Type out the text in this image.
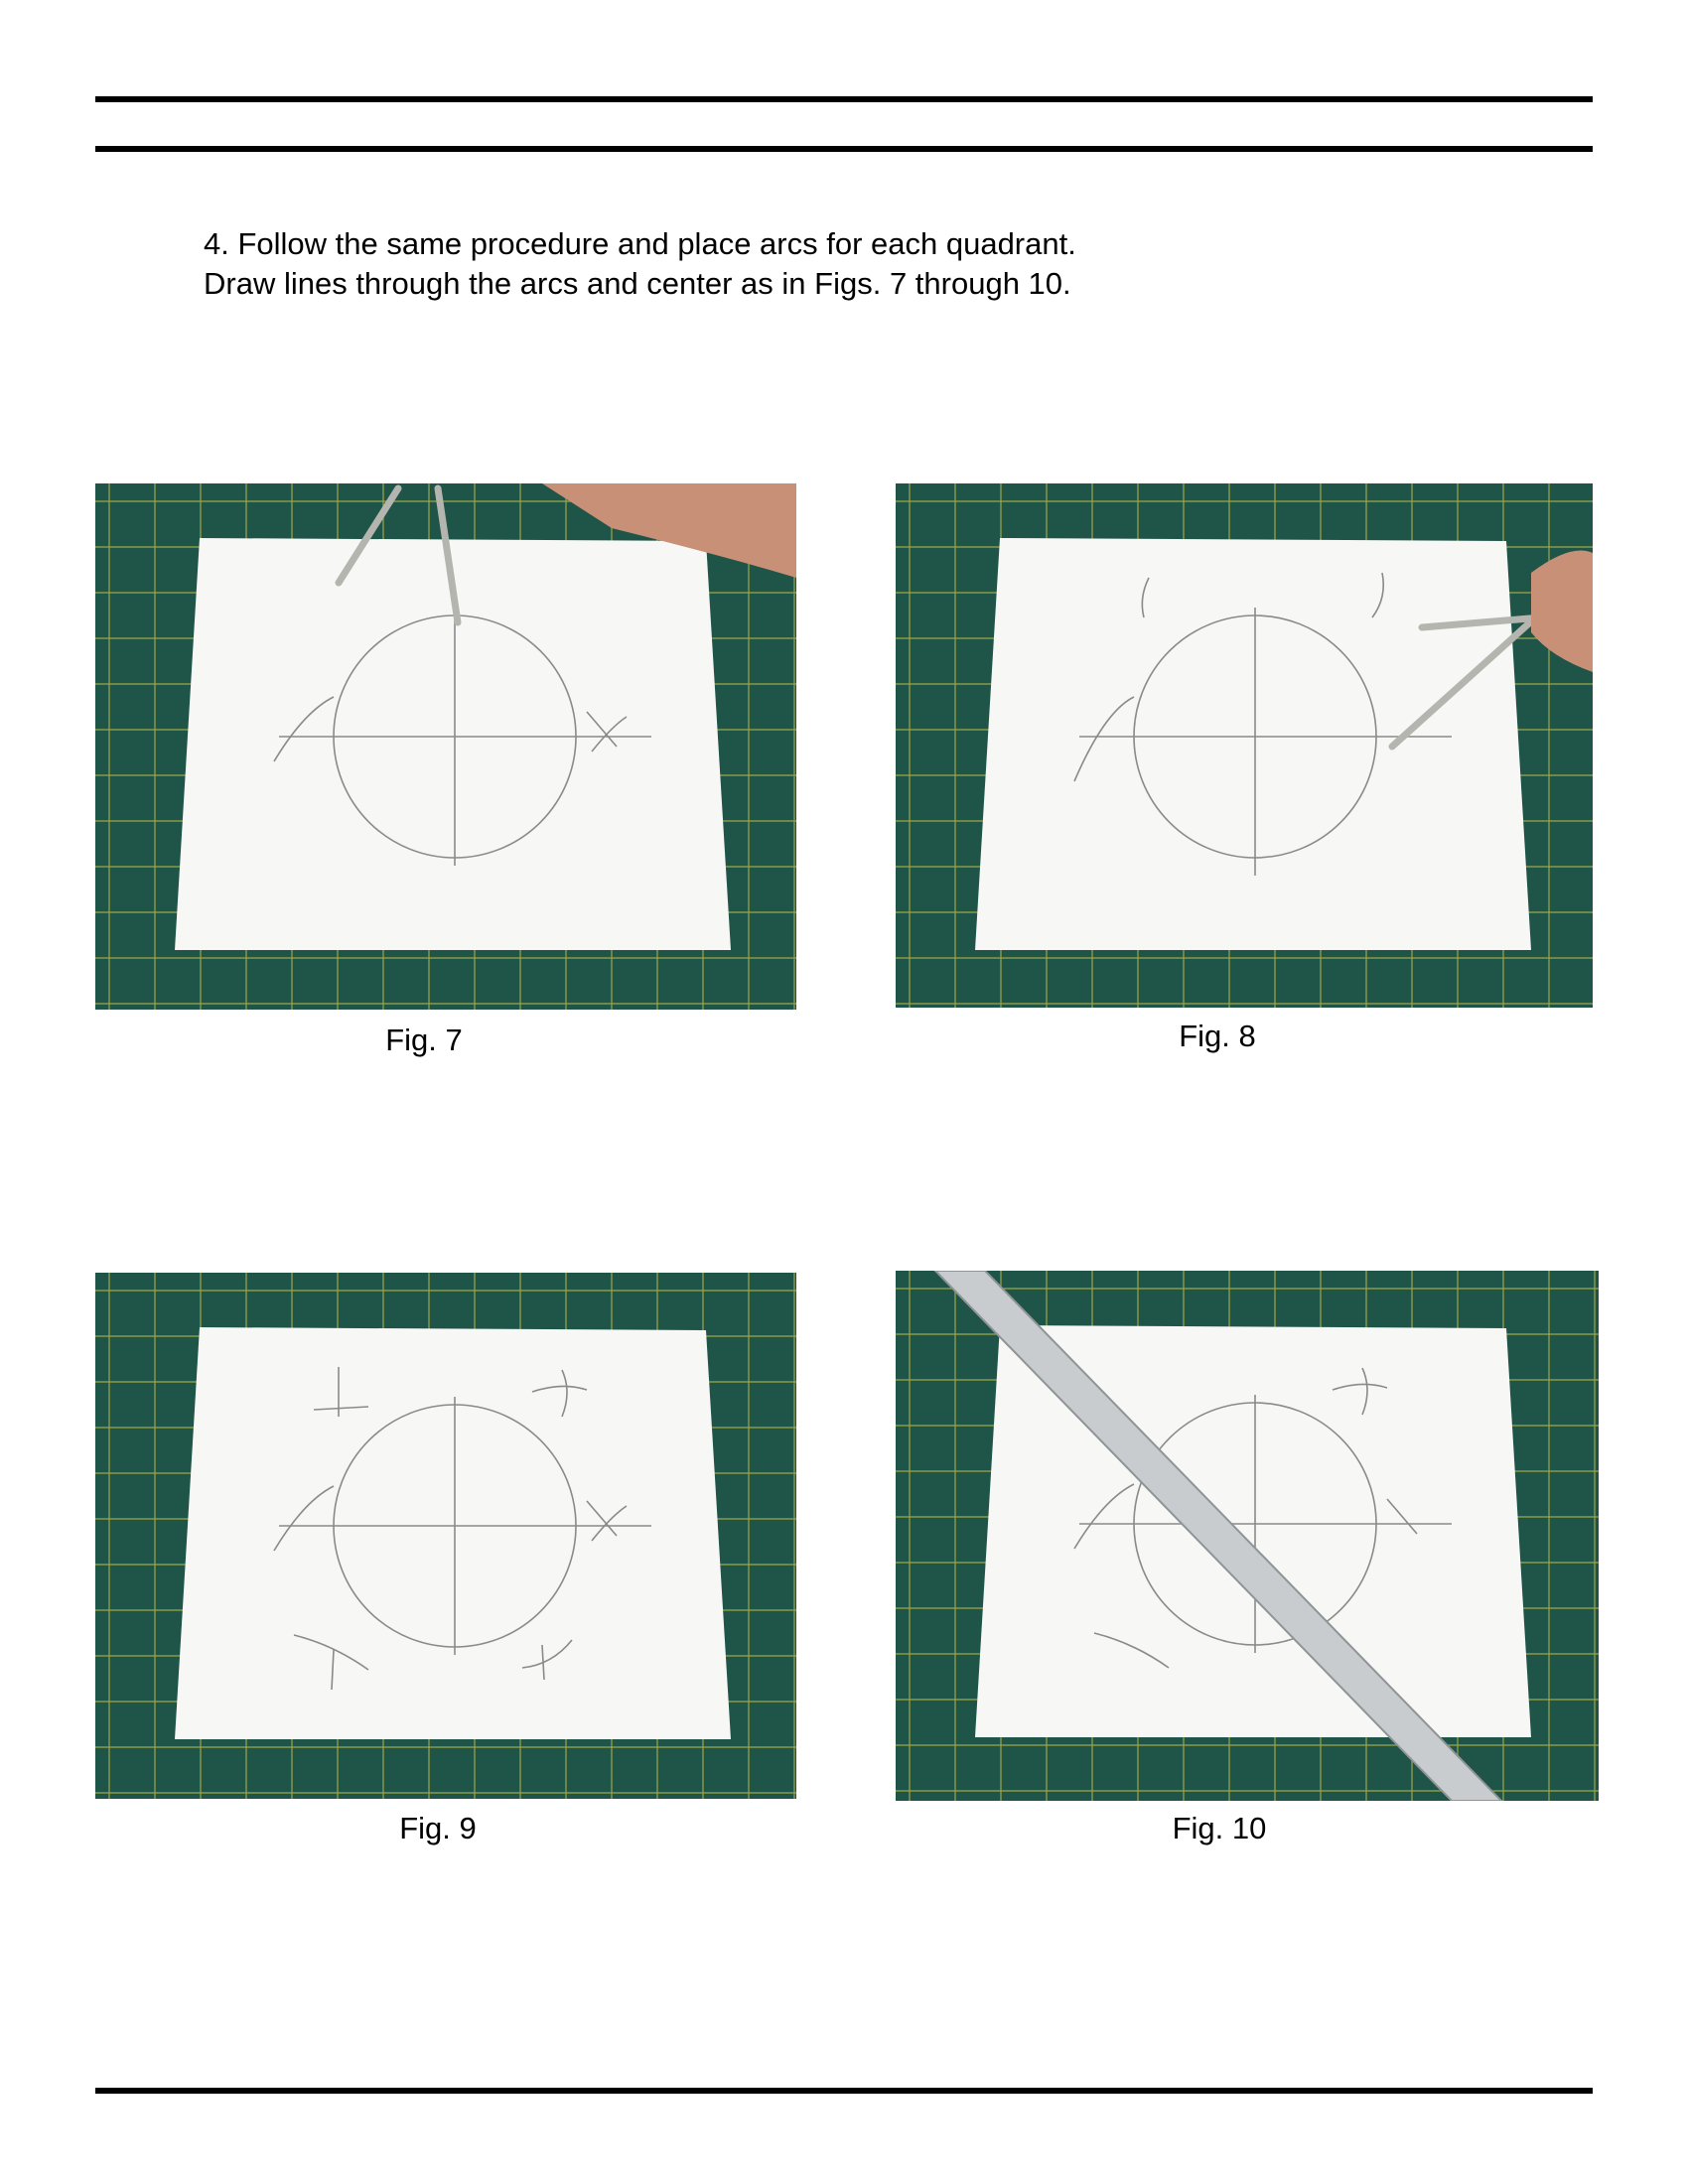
4. Follow the same procedure and place arcs for each quadrant.
Draw lines through the arcs and center as in Figs. 7 through 10.
Fig. 7	Fig. 8
Fig. 9	Fig. 10
